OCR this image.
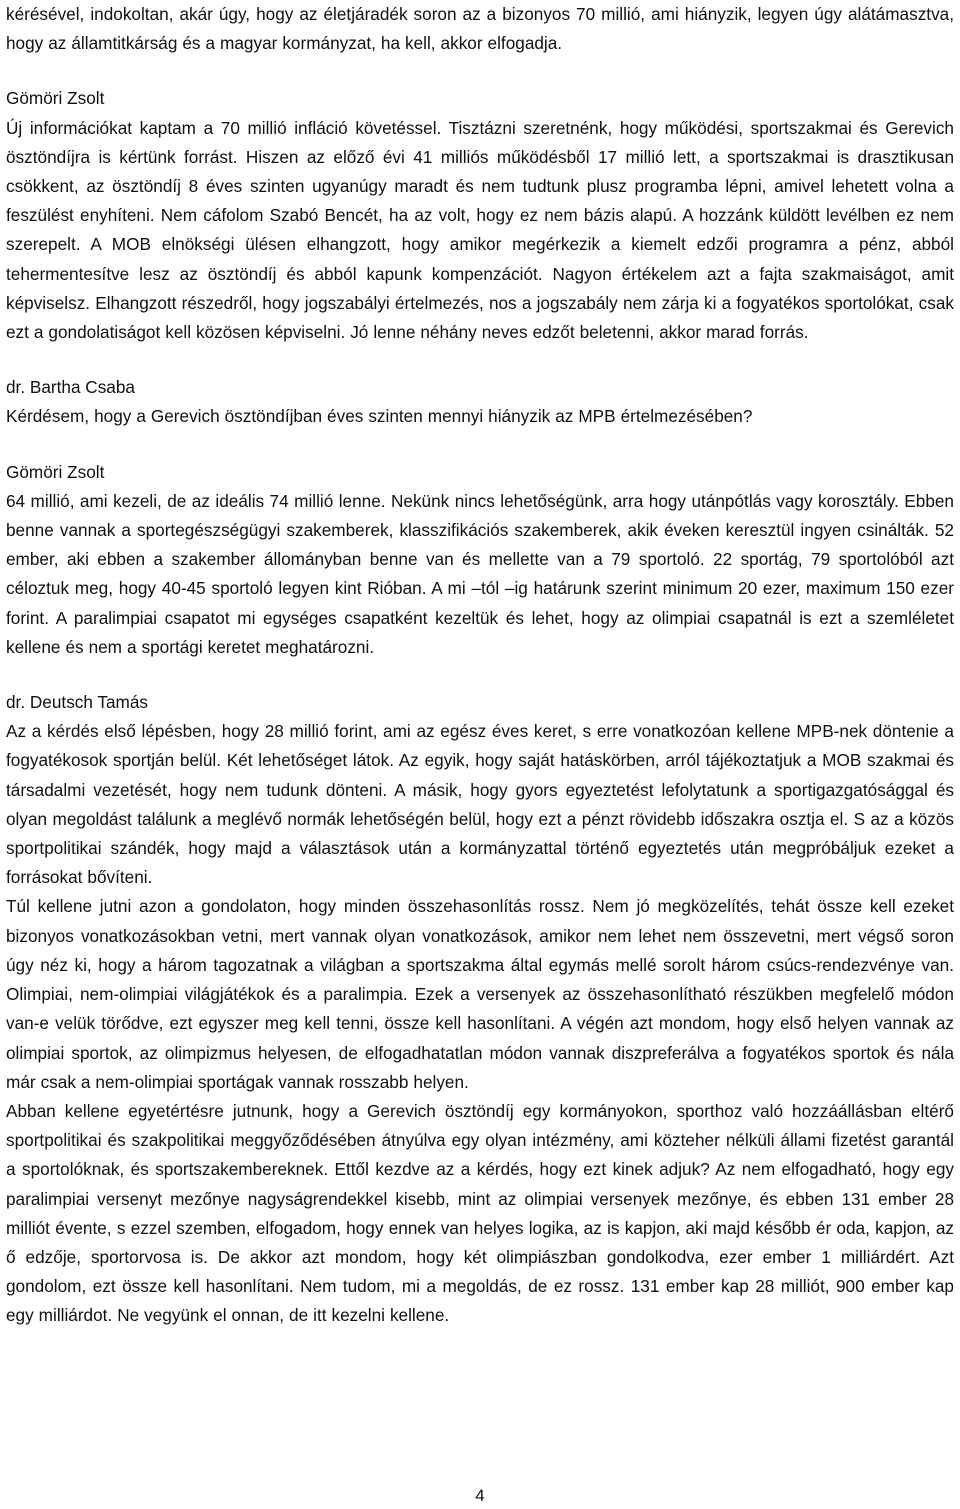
kérésével, indokoltan, akár úgy, hogy az életjáradék soron az a bizonyos 70 millió, ami hiányzik, legyen úgy alátámasztva, hogy az államtitkárság és a magyar kormányzat, ha kell, akkor elfogadja.

Gömöri Zsolt

Új információkat kaptam a 70 millió infláció követéssel. Tisztázni szeretnénk, hogy működési, sportszakmai és Gerevich ösztöndíjra is kértünk forrást. Hiszen az előző évi 41 milliós működésből 17 millió lett, a sportszakmai is drasztikusan csökkent, az ösztöndíj 8 éves szinten ugyanúgy maradt és nem tudtunk plusz programba lépni, amivel lehetett volna a feszülést enyhíteni. Nem cáfolom Szabó Bencét, ha az volt, hogy ez nem bázis alapú. A hozzánk küldött levélben ez nem szerepelt. A MOB elnökségi ülésen elhangzott, hogy amikor megérkezik a kiemelt edzői programra a pénz, abból tehermentesítve lesz az ösztöndíj és abból kapunk kompenzációt. Nagyon értékelem azt a fajta szakmaiságot, amit képviselsz. Elhangzott részedről, hogy jogszabályi értelmezés, nos a jogszabály nem zárja ki a fogyatékos sportolókat, csak ezt a gondolatiságot kell közösen képviselni. Jó lenne néhány neves edzőt beletenni, akkor marad forrás.

dr. Bartha Csaba

Kérdésem, hogy a Gerevich ösztöndíjban éves szinten mennyi hiányzik az MPB értelmezésében?

Gömöri Zsolt

64 millió, ami kezeli, de az ideális 74 millió lenne. Nekünk nincs lehetőségünk, arra hogy utánpótlás vagy korosztály. Ebben benne vannak a sportegészségügyi szakemberek, klasszifikációs szakemberek, akik éveken keresztül ingyen csinálták. 52 ember, aki ebben a szakember állományban benne van és mellette van a 79 sportoló. 22 sportág, 79 sportolóból azt céloztuk meg, hogy 40-45 sportoló legyen kint Rióban. A mi –tól –ig határunk szerint minimum 20 ezer, maximum 150 ezer forint. A paralimpiai csapatot mi egységes csapatként kezeltük és lehet, hogy az olimpiai csapatnál is ezt a szemléletet kellene és nem a sportági keretet meghatározni.

dr. Deutsch Tamás

Az a kérdés első lépésben, hogy 28 millió forint, ami az egész éves keret, s erre vonatkozóan kellene MPB-nek döntenie a fogyatékosok sportján belül. Két lehetőséget látok. Az egyik, hogy saját hatáskörben, arról tájékoztatjuk a MOB szakmai és társadalmi vezetését, hogy nem tudunk dönteni. A másik, hogy gyors egyeztetést lefolytatunk a sportigazgatósággal és olyan megoldást találunk a meglévő normák lehetőségén belül, hogy ezt a pénzt rövidebb időszakra osztja el. S az a közös sportpolitikai szándék, hogy majd a választások után a kormányzattal történő egyeztetés után megpróbáljuk ezeket a forrásokat bővíteni.

Túl kellene jutni azon a gondolaton, hogy minden összehasonlítás rossz. Nem jó megközelítés, tehát össze kell ezeket bizonyos vonatkozásokban vetni, mert vannak olyan vonatkozások, amikor nem lehet nem összevetni, mert végső soron úgy néz ki, hogy a három tagozatnak a világban a sportszakma által egymás mellé sorolt három csúcs-rendezvénye van. Olimpiai, nem-olimpiai világjátékok és a paralimpia. Ezek a versenyek az összehasonlítható részükben megfelelő módon van-e velük törődve, ezt egyszer meg kell tenni, össze kell hasonlítani. A végén azt mondom, hogy első helyen vannak az olimpiai sportok, az olimpizmus helyesen, de elfogadhatatlan módon vannak diszpreferálva a fogyatékos sportok és nála már csak a nem-olimpiai sportágak vannak rosszabb helyen.

Abban kellene egyetértésre jutnunk, hogy a Gerevich ösztöndíj egy kormányokon, sporthoz való hozzáállásban eltérő sportpolitikai és szakpolitikai meggyőződésében átnyúlva egy olyan intézmény, ami közteher nélküli állami fizetést garantál a sportolóknak, és sportszakembereknek. Ettől kezdve az a kérdés, hogy ezt kinek adjuk? Az nem elfogadható, hogy egy paralimpiai versenyt mezőnye nagyságrendekkel kisebb, mint az olimpiai versenyek mezőnye, és ebben 131 ember 28 milliót évente, s ezzel szemben, elfogadom, hogy ennek van helyes logika, az is kapjon, aki majd később ér oda, kapjon, az ő edzője, sportorvosa is. De akkor azt mondom, hogy két olimpiászban gondolkodva, ezer ember 1 milliárdért. Azt gondolom, ezt össze kell hasonlítani. Nem tudom, mi a megoldás, de ez rossz. 131 ember kap 28 milliót, 900 ember kap egy milliárdot. Ne vegyünk el onnan, de itt kezelni kellene.

4
